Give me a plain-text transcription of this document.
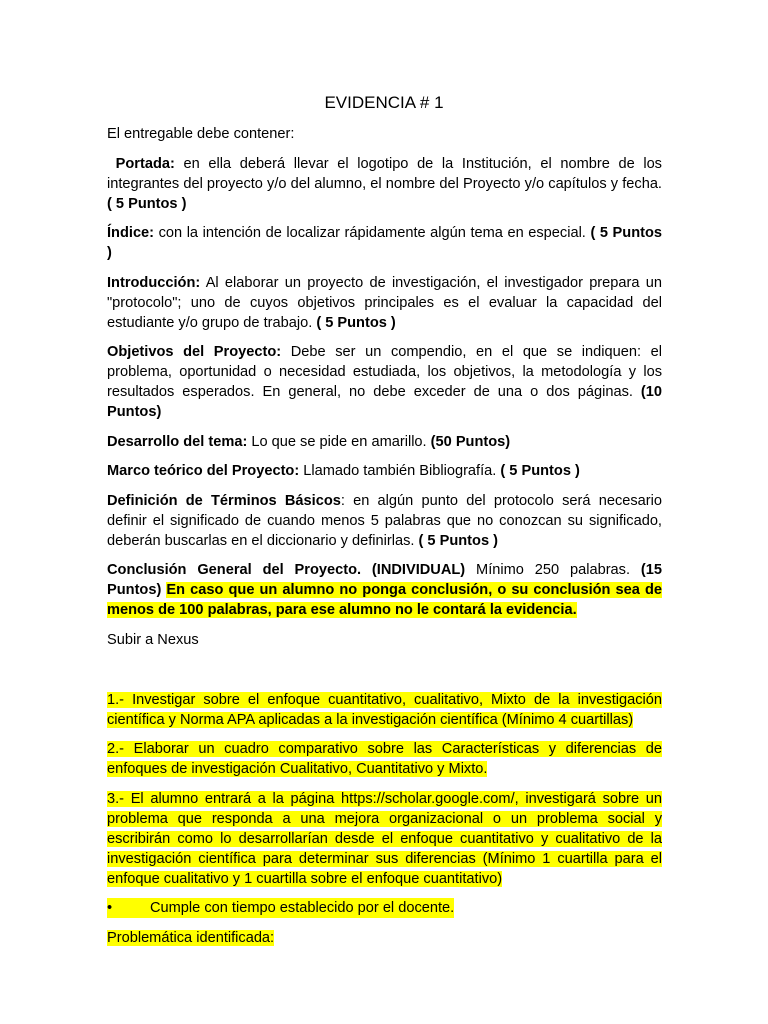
EVIDENCIA # 1

El entregable debe contener:

Portada: en ella deberá llevar el logotipo de la Institución, el nombre de los integrantes del proyecto y/o del alumno, el nombre del Proyecto y/o capítulos y fecha. ( 5 Puntos )

Índice: con la intención de localizar rápidamente algún tema en especial. ( 5 Puntos )

Introducción: Al elaborar un proyecto de investigación, el investigador prepara un "protocolo"; uno de cuyos objetivos principales es el evaluar la capacidad del estudiante y/o grupo de trabajo. ( 5 Puntos )

Objetivos del Proyecto: Debe ser un compendio, en el que se indiquen: el problema, oportunidad o necesidad estudiada, los objetivos, la metodología y los resultados esperados. En general, no debe exceder de una o dos páginas. (10 Puntos)

Desarrollo del tema: Lo que se pide en amarillo. (50 Puntos)

Marco teórico del Proyecto: Llamado también Bibliografía. ( 5 Puntos )

Definición de Términos Básicos: en algún punto del protocolo será necesario definir el significado de cuando menos 5 palabras que no conozcan su significado, deberán buscarlas en el diccionario y definirlas. ( 5 Puntos )

Conclusión General del Proyecto. (INDIVIDUAL) Mínimo 250 palabras. (15 Puntos) En caso que un alumno no ponga conclusión, o su conclusión sea de menos de 100 palabras, para ese alumno no le contará la evidencia.

Subir a Nexus

1.- Investigar sobre el enfoque cuantitativo, cualitativo, Mixto de la investigación científica y Norma APA aplicadas a la investigación científica (Mínimo 4 cuartillas)

2.- Elaborar un cuadro comparativo sobre las Características y diferencias de enfoques de investigación Cualitativo, Cuantitativo y Mixto.

3.- El alumno entrará a la página https://scholar.google.com/, investigará sobre un problema que responda a una mejora organizacional o un problema social y escribirán como lo desarrollarían desde el enfoque cuantitativo y cualitativo de la investigación científica para determinar sus diferencias (Mínimo 1 cuartilla para el enfoque cualitativo y 1 cuartilla sobre el enfoque cuantitativo)

•	Cumple con tiempo establecido por el docente.

Problemática identificada:
